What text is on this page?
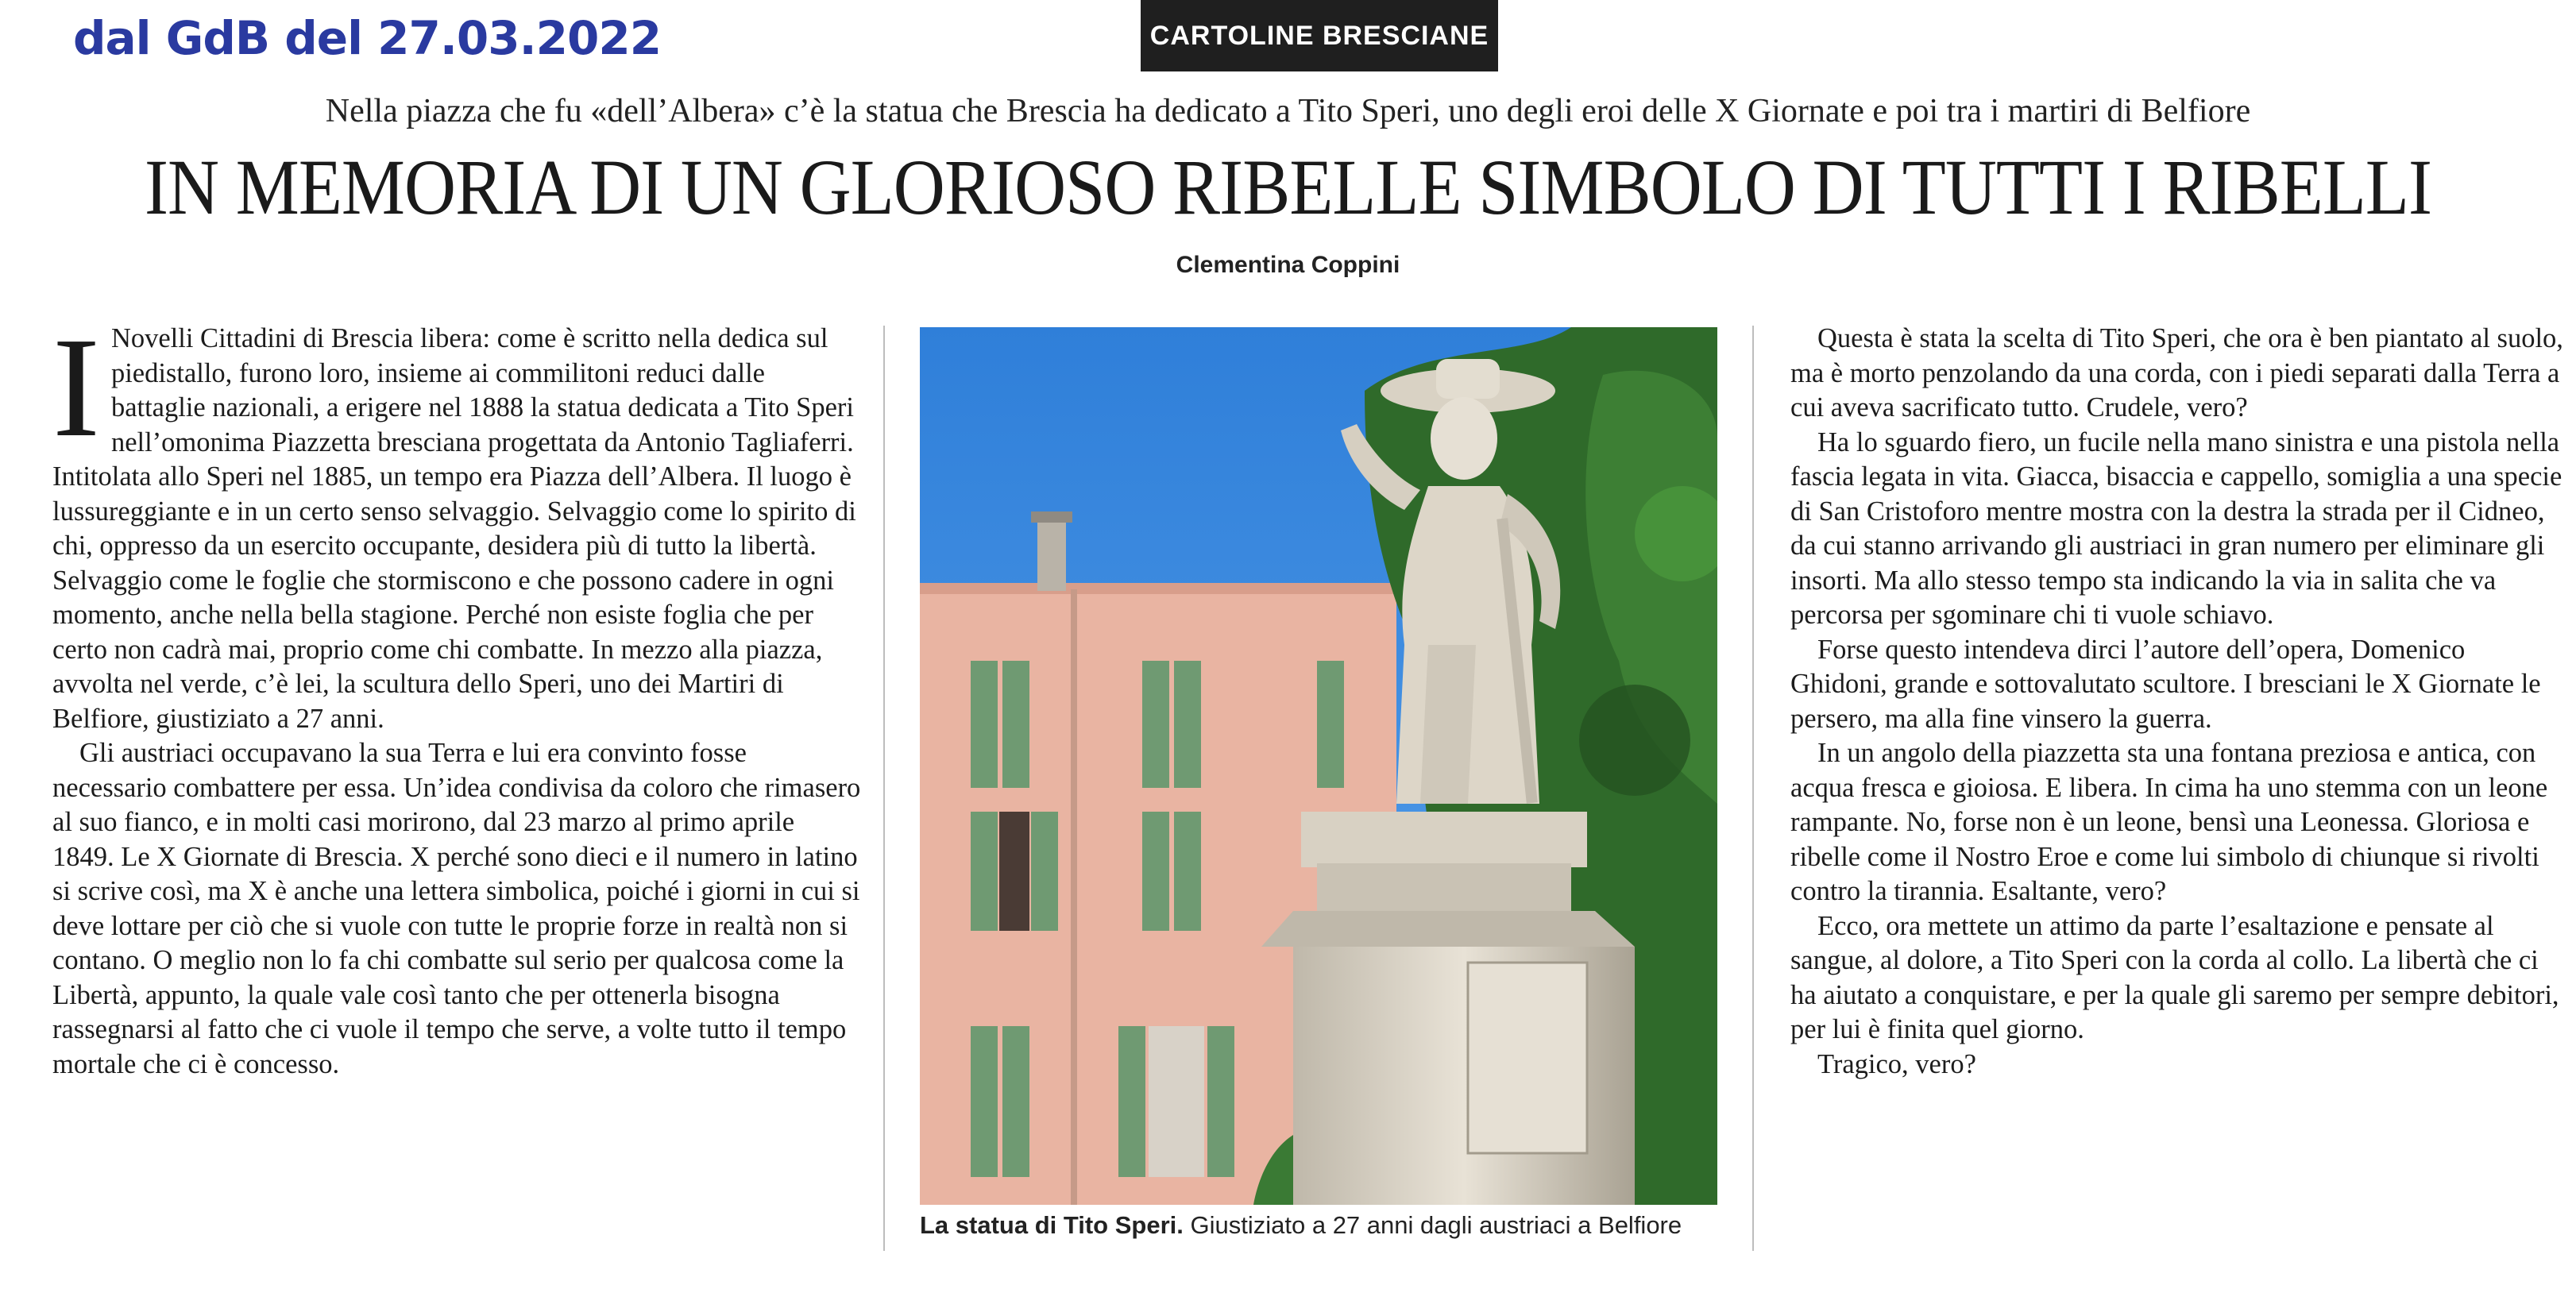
dal GdB del 27.03.2022	CARTOLINE BRESCIANE
Nella piazza che fu «dell’Albera» c’è la statua che Brescia ha dedicato a Tito Speri, uno degli eroi delle X Giornate e poi tra i martiri di Belfiore
IN MEMORIA DI UN GLORIOSO RIBELLE SIMBOLO DI TUTTI I RIBELLI
Clementina Coppini

I Novelli Cittadini di Brescia libera: come è scritto nella dedica sul piedistallo, furono loro, insieme ai commilitoni reduci dalle battaglie nazionali, a erigere nel 1888 la statua dedicata a Tito Speri nell’omonima Piazzetta bresciana progettata da Antonio Tagliaferri. Intitolata allo Speri nel 1885, un tempo era Piazza dell’Albera. Il luogo è lussureggiante e in un certo senso selvaggio. Selvaggio come lo spirito di chi, oppresso da un esercito occupante, desidera più di tutto la libertà. Selvaggio come le foglie che stormiscono e che possono cadere in ogni momento, anche nella bella stagione. Perché non esiste foglia che per certo non cadrà mai, proprio come chi combatte. In mezzo alla piazza, avvolta nel verde, c’è lei, la scultura dello Speri, uno dei Martiri di Belfiore, giustiziato a 27 anni.

Gli austriaci occupavano la sua Terra e lui era convinto fosse necessario combattere per essa. Un’idea condivisa da coloro che rimasero al suo fianco, e in molti casi morirono, dal 23 marzo al primo aprile 1849. Le X Giornate di Brescia. X perché sono dieci e il numero in latino si scrive così, ma X è anche una lettera simbolica, poiché i giorni in cui si deve lottare per ciò che si vuole con tutte le proprie forze in realtà non si contano. O meglio non lo fa chi combatte sul serio per qualcosa come la Libertà, appunto, la quale vale così tanto che per ottenerla bisogna rassegnarsi al fatto che ci vuole il tempo che serve, a volte tutto il tempo mortale che ci è concesso.

La statua di Tito Speri. Giustiziato a 27 anni dagli austriaci a Belfiore

Questa è stata la scelta di Tito Speri, che ora è ben piantato al suolo, ma è morto penzolando da una corda, con i piedi separati dalla Terra a cui aveva sacrificato tutto. Crudele, vero?

Ha lo sguardo fiero, un fucile nella mano sinistra e una pistola nella fascia legata in vita. Giacca, bisaccia e cappello, somiglia a una specie di San Cristoforo mentre mostra con la destra la strada per il Cidneo, da cui stanno arrivando gli austriaci in gran numero per eliminare gli insorti. Ma allo stesso tempo sta indicando la via in salita che va percorsa per sgominare chi ti vuole schiavo.

Forse questo intendeva dirci l’autore dell’opera, Domenico Ghidoni, grande e sottovalutato scultore. I bresciani le X Giornate le persero, ma alla fine vinsero la guerra.

In un angolo della piazzetta sta una fontana preziosa e antica, con acqua fresca e gioiosa. E libera. In cima ha uno stemma con un leone rampante. No, forse non è un leone, bensì una Leonessa. Gloriosa e ribelle come il Nostro Eroe e come lui simbolo di chiunque si rivolti contro la tirannia. Esaltante, vero?

Ecco, ora mettete un attimo da parte l’esaltazione e pensate al sangue, al dolore, a Tito Speri con la corda al collo. La libertà che ci ha aiutato a conquistare, e per la quale gli saremo per sempre debitori, per lui è finita quel giorno.

Tragico, vero?
